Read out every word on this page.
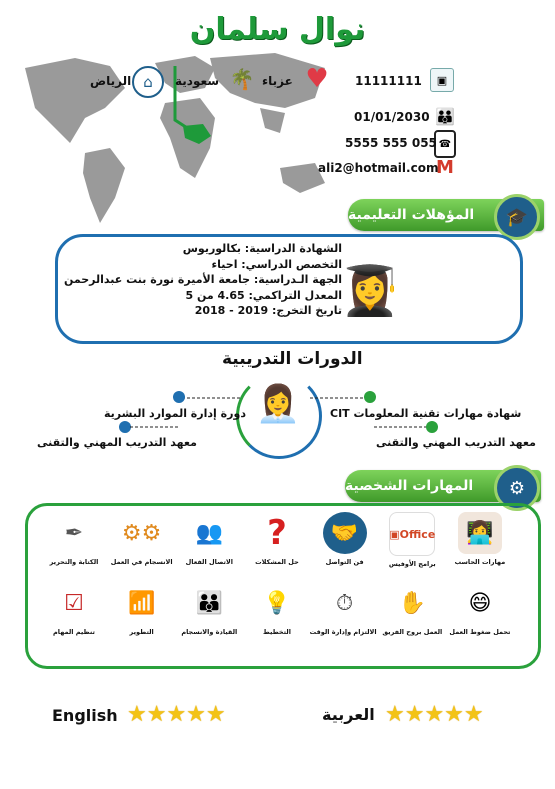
نوال سلمان
▣
11111111
♥
عزباء
🌴
سعودية
⌂
الرياض
👪
01/01/2030
☎
055 555 5555
M
ali2@hotmail.com
المؤهلات التعليمية	🎓
👩‍🎓
الشهادة الدراسية: بكالوريوس
التخصص الدراسي: احياء
الجهة الـدراسية: جامعة الأميرة نورة بنت عبدالرحمن
المعدل التراكمي: 4.65 من 5
تاريخ التخرج: 2019 - 2018
الدورات التدريبية
👩‍💼	شهادة مهارات تقنية المعلومات CIT
دورة إدارة الموارد البشرية
معهد التدريب المهني والتقنى
معهد التدريب المهني والتقنى
المهارات الشخصية	⚙
👩‍💻
مهارات الحاسب
▣Office
برامج الأوفيس
🤝
فن التواصل
?
حل المشكلات
👥
الاتصال الفعال
⚙⚙
الانسجام في العمل
✒
الكتابة والتحرير
😄
تحمل ضغوط العمل
✋
العمل بروح الفريق
⏱
الالتزام وإدارة الوقت
💡
التخطيط
👨‍👨‍👦
القيادة والانسجام
📶
التطوير
☑
تنظيم المهام
★★★★★
العربية
★★★★★
English
